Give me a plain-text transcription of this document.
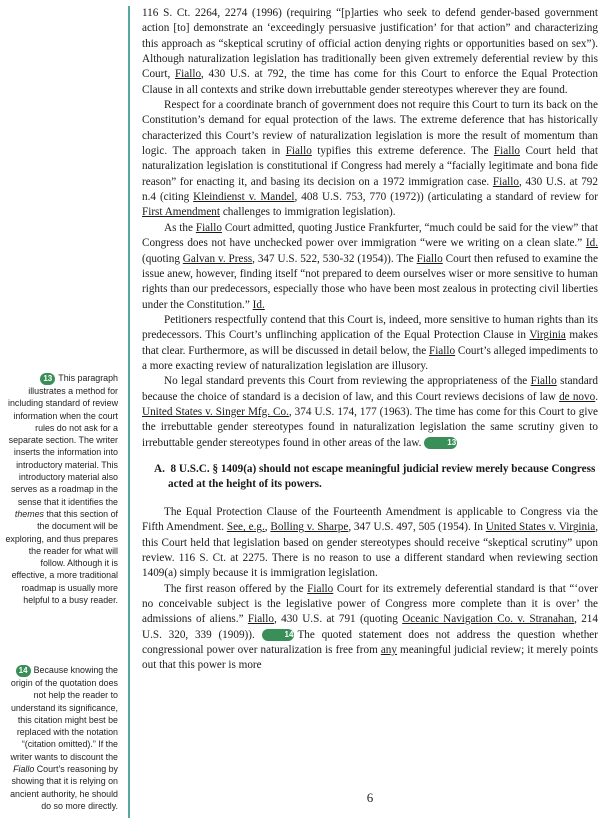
13 This paragraph illustrates a method for including standard of review information when the court rules do not ask for a separate section. The writer inserts the information into introductory material. This introductory material also serves as a roadmap in the sense that it identifies the themes that this section of the document will be exploring, and thus prepares the reader for what will follow. Although it is effective, a more traditional roadmap is usually more helpful to a busy reader.
14 Because knowing the origin of the quotation does not help the reader to understand its significance, this citation might best be replaced with the notation “(citation omitted).” If the writer wants to discount the Fiallo Court’s reasoning by showing that it is relying on ancient authority, he should do so more directly.

116 S. Ct. 2264, 2274 (1996) (requiring “[p]arties who seek to defend gender-based government action [to] demonstrate an ‘exceedingly persuasive justification’ for that action” and characterizing this approach as “skeptical scrutiny of official action denying rights or opportunities based on sex”). Although naturalization legislation has traditionally been given extremely deferential review by this Court, Fiallo, 430 U.S. at 792, the time has come for this Court to enforce the Equal Protection Clause in all contexts and strike down irrebuttable gender stereotypes wherever they are found.

Respect for a coordinate branch of government does not require this Court to turn its back on the Constitution’s demand for equal protection of the laws. The extreme deference that has historically characterized this Court’s review of naturalization legislation is more the result of momentum than logic. The approach taken in Fiallo typifies this extreme deference. The Fiallo Court held that naturalization legislation is constitutional if Congress had merely a “facially legitimate and bona fide reason” for enacting it, and basing its decision on a 1972 immigration case. Fiallo, 430 U.S. at 792 n.4 (citing Kleindienst v. Mandel, 408 U.S. 753, 770 (1972)) (articulating a standard of review for First Amendment challenges to immigration legislation).

As the Fiallo Court admitted, quoting Justice Frankfurter, “much could be said for the view” that Congress does not have unchecked power over immigration “were we writing on a clean slate.” Id. (quoting Galvan v. Press, 347 U.S. 522, 530-32 (1954)). The Fiallo Court then refused to examine the issue anew, however, finding itself “not prepared to deem ourselves wiser or more sensitive to human rights than our predecessors, especially those who have been most zealous in protecting civil liberties under the Constitution.” Id.

Petitioners respectfully contend that this Court is, indeed, more sensitive to human rights than its predecessors. This Court’s unflinching application of the Equal Protection Clause in Virginia makes that clear. Furthermore, as will be discussed in detail below, the Fiallo Court’s alleged impediments to a more exacting review of naturalization legislation are illusory.

No legal standard prevents this Court from reviewing the appropriateness of the Fiallo standard because the choice of standard is a decision of law, and this Court reviews decisions of law de novo. United States v. Singer Mfg. Co., 374 U.S. 174, 177 (1963). The time has come for this Court to give the irrebuttable gender stereotypes found in naturalization legislation the same scrutiny given to irrebuttable gender stereotypes found in other areas of the law.	13

A. 8 U.S.C. § 1409(a) should not escape meaningful judicial review merely because Congress acted at the height of its powers.

The Equal Protection Clause of the Fourteenth Amendment is applicable to Congress via the Fifth Amendment. See, e.g., Bolling v. Sharpe, 347 U.S. 497, 505 (1954). In United States v. Virginia, this Court held that legislation based on gender stereotypes should receive “skeptical scrutiny” upon review. 116 S. Ct. at 2275. There is no reason to use a different standard when reviewing section 1409(a) simply because it is immigration legislation.

The first reason offered by the Fiallo Court for its extremely deferential standard is that “‘over no conceivable subject is the legislative power of Congress more complete than it is over’ the admissions of aliens.” Fiallo, 430 U.S. at 791 (quoting Oceanic Navigation Co. v. Stranahan, 214 U.S. 320, 339 (1909)).	14 The quoted statement does not address the question whether congressional power over naturalization is free from any meaningful judicial review; it merely points out that this power is more

6
